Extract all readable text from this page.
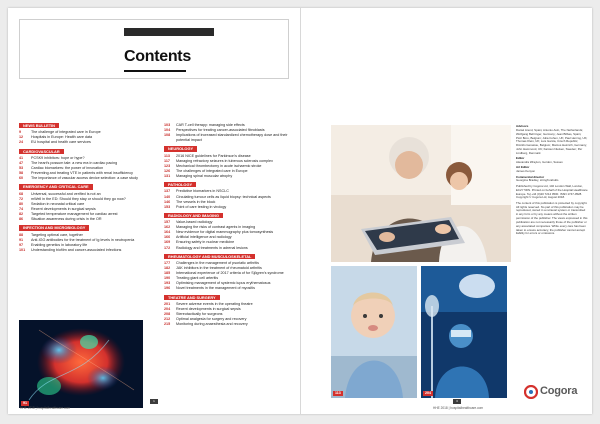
Contents
NEWS BULLETIN
9	The challenge of integrated care in Europe
12	Hospitals in Europe: Health care data
24	EU hospital and health care services
CARDIOVASCULAR
41	PCSK9 inhibitors: hope or hype?
47	The heart's possum tale: a new era in cardiac pacing
53	Cardiac biomarkers: the power of innovation
58	Preventing and treating VTE in patients with renal insufficiency
60	The importance of vascular access device selection: a case study
EMERGENCY AND CRITICAL CARE
68	Universal, successful and verified is not an
72	mWell in the ED: Should they stay or should they go now?
80	Sedation in neonatal critical care
74	Recent developments in surgical sepsis
82	Targeted temperature management for cardiac arrest
86	Situation awareness during crisis in the OR
INFECTION AND MICROBIOLOGY
88	Targeting optimal care, together
91	Anti-IGG antibodies for the treatment of Ig levels in neutropenia
97	Enabling genetics in laboratory life
101	Understanding biofilm and cancer-associated infections
103	CAR T-cell therapy: managing side effects
104	Perspectives for treating cancer-associated fibroblasts
108	Implications of increased standardized chemotherapy dose and their potential impact
NEUROLOGY
113	2016 NICE guidelines for Parkinson's disease
117	Managing refractory seizures in tuberous sclerosis complex
123	Mechanical thrombectomy in acute ischaemic stroke
126	The challenges of integrated care in Europe
131	Managing spinal muscular atrophy
PATHOLOGY
137	Predictive biomarkers in NSCLC
140	Circulating tumour cells as liquid biopsy: technical aspects
146	The vessels in the block
153	Point of care testing in virology
RADIOLOGY AND IMAGING
157	Value-based radiology
162	Managing the risks of contrast agents in imaging
164	New evidence for digital mammography plus tomosynthesis
166	Artificial intelligence and radiology
169	Ensuring safety in nuclear medicine
172	Radiology and treatments in adrenal lesions
RHEUMATOLOGY AND MUSCULOSKELETAL
177	Challenges in the management of psoriatic arthritis
182	JAK inhibitors in the treatment of rheumatoid arthritis
185	International experience of 2017 criteria of for Sjögren's syndrome
190	Treating giant cell arteritis
193	Optimising management of systemic lupus erythematosus
196	Novel treatments in the management of myositis
THEATRE AND SURGERY
201	Severe adverse events in the operating theatre
204	Recent developments in surgical sepsis
208	Stereotactically for surgeons
212	Optimal analgesia for surgery and recovery
215	Monitoring during anaesthesia and recovery
91	1
HHE 2018 | hospitalhealthcare.com
113	204

Advisors
Daniel Arend, Spain; Antonio Asín, The Netherlands; Wolfgang Behringer, Germany; Jean Bilbao, Spain; Piotr Boro, Belgium; Julia Cohen, UK; Paul Herzog, UK; Thomas Klein, UK; Luis Garcia, Czech Republic; Dimitris Gerasiou, Belgium; Marcos Heinrich, Germany; John Hammond, UK; Karsten Nielsen, Sweden; Per Lindberg, Denmark

Editor
Alexandra Wrayton, Gordon, Sussex

Art Editor
James Kenyon

Commercial director
Georgina Bradley, stringfl.cabullo

Published by Cogora Ltd, 140 London Wall, London, EC2Y 5DN. Printed on behalf of the Hospital Healthcare Europe. Tel +44 (0)20 7214 0500. ISSN 1747-0528. Copyright © Cogora Ltd, August 2018.

The content of this publication is protected by copyright. All rights reserved. No part of this publication may be reproduced, stored in a retrieval system or transmitted in any form or by any means without the written permission of the publisher. The views expressed in this publication are not necessarily those of the publisher or any associated companies. While every care has been taken to ensure accuracy, the publisher cannot accept liability for errors or omissions.

Cogora
3
HHE 2018 | hospitalhealthcare.com
